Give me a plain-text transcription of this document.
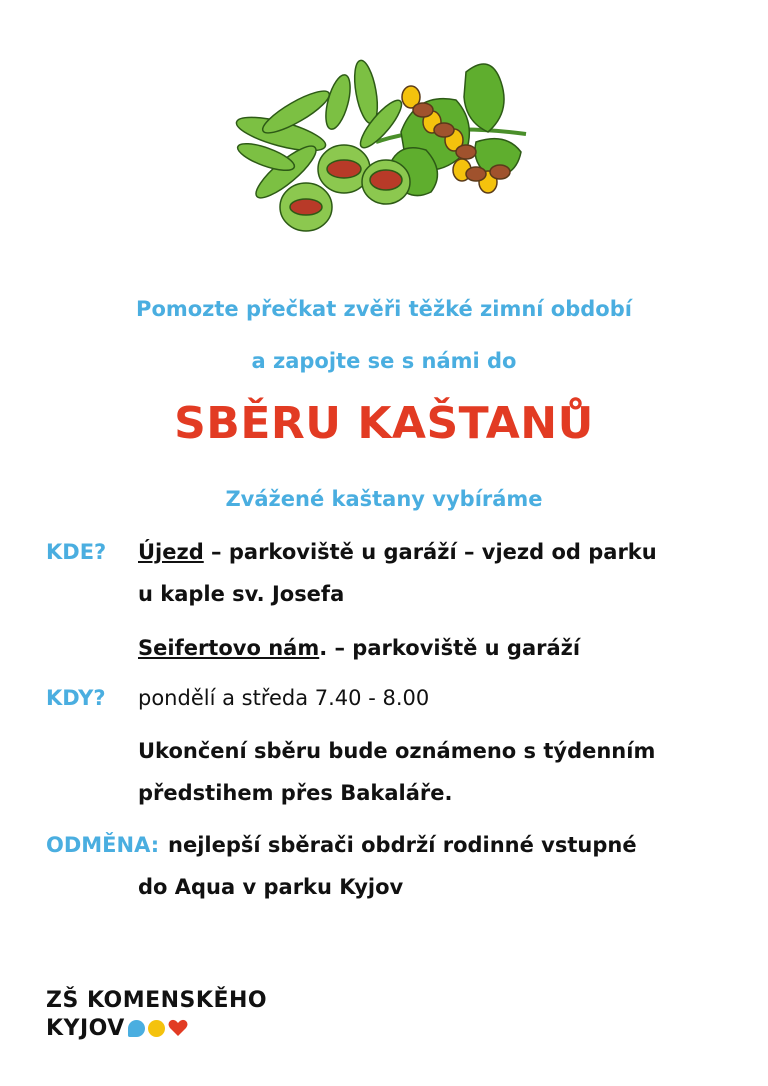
Pomozte přečkat zvěři těžké zimní období
a zapojte se s námi do
SBĚRU KAŠTANŮ
Zvážené kaštany vybíráme
KDE? Újezd – parkoviště u garáží – vjezd od parku
u kaple sv. Josefa
Seifertovo nám. – parkoviště u garáží
KDY? pondělí a středa 7.40 - 8.00
Ukončení sběru bude oznámeno s týdenním
předstihem přes Bakaláře.
ODMĚNA: nejlepší sběrači obdrží rodinné vstupné
do Aqua v parku Kyjov
ZŠ KOMENSKĚHO
KYJOV
